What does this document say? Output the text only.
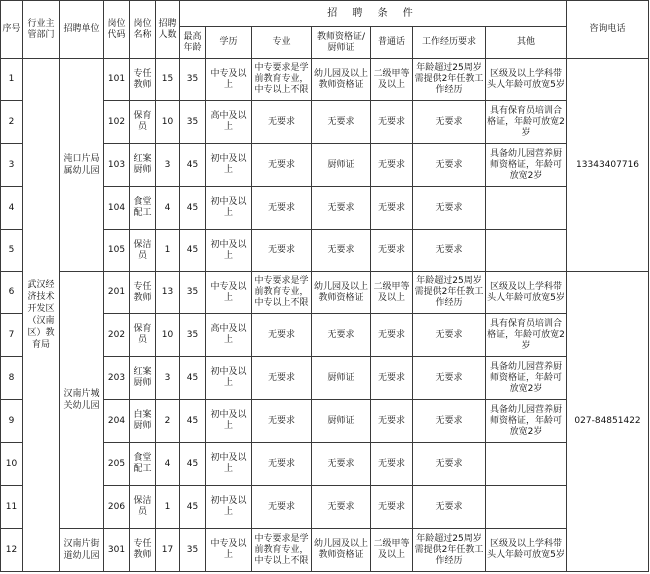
序号	行业主管部门	招聘单位	岗位代码	岗位名称	招聘人数	招 聘 条 件							咨询电话
						最高年龄	学历	专业	教师资格证/厨师证	普通话	工作经历要求	其他	
1	武汉经济技术开发区（汉南区）教育局	沌口片局属幼儿园	101	专任教师	15	35	中专及以上	中专要求是学前教育专业，中专以上不限	幼儿园及以上教师资格证	二级甲等及以上	年龄超过25周岁需提供2年任教工作经历	区级及以上学科带头人年龄可放宽5岁	13343407716
2			102	保育员	10	35	高中及以上	无要求	无要求	无要求	无要求	具有保育员培训合格证，年龄可放宽2岁	
3			103	红案厨师	3	45	初中及以上	无要求	厨师证	无要求	无要求	具备幼儿园营养厨师资格证，年龄可放宽2岁	
4			104	食堂配工	4	45	初中及以上	无要求	无要求	无要求	无要求		
5			105	保洁员	1	45	初中及以上	无要求	无要求	无要求	无要求		
6		汉南片城关幼儿园	201	专任教师	13	35	中专及以上	中专要求是学前教育专业，中专以上不限	幼儿园及以上教师资格证	二级甲等及以上	年龄超过25周岁需提供2年任教工作经历	区级及以上学科带头人年龄可放宽5岁	027-84851422
7			202	保育员	10	35	高中及以上	无要求	无要求	无要求	无要求	具有保育员培训合格证，年龄可放宽2岁	
8			203	红案厨师	3	45	初中及以上	无要求	厨师证	无要求	无要求	具备幼儿园营养厨师资格证，年龄可放宽2岁	
9			204	白案厨师	2	45	初中及以上	无要求	厨师证	无要求	无要求	具备幼儿园营养厨师资格证，年龄可放宽2岁	
10			205	食堂配工	4	45	初中及以上	无要求	无要求	无要求	无要求		
11			206	保洁员	1	45	初中及以上	无要求	无要求	无要求	无要求		
12		汉南片街道幼儿园	301	专任教师	17	35	中专及以上	中专要求是学前教育专业，中专以上不限	幼儿园及以上教师资格证	二级甲等及以上	年龄超过25周岁需提供2年任教工作经历	区级及以上学科带头人年龄可放宽5岁	
